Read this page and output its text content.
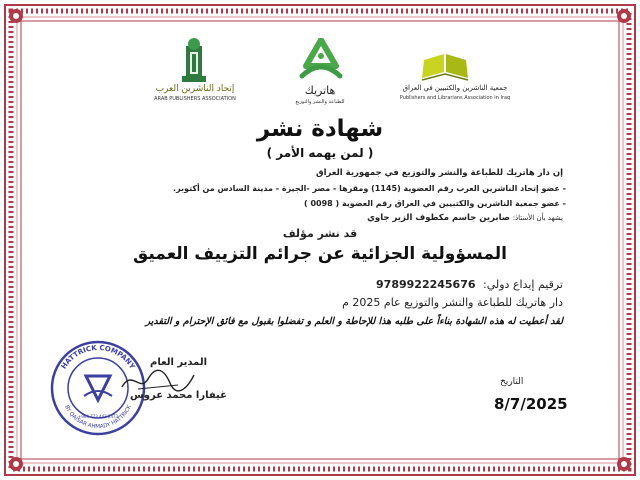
إتحاد الناشرين العرب
ARAB PUBLISHERS ASSOCIATION
هاتريك
للطباعة والنشر والتوزيع
جمعية الناشرين والكتبيين في العراق
Publishers and Librarians Association in Iraq
شهادة نشر
( لمن يهمه الأمر )
إن دار هاتريك للطباعة والنشر والتوزيع في جمهورية العراق
- عضو إتحاد الناشرين العرب رقم العضوية (1145) ومقرها - مصر -الجيزة - مدينة السادس من أكتوبر.
- عضو جمعية الناشرين والكتبيين في العراق رقم العضوية ( 0098 )
يشهد بأن الأستاذ: صابرين جاسم مكطوف الزير جاوي
قد نشر مؤلف
المسؤولية الجزائية عن جرائم التزييف العميق
ترقيم إيداع دولي: 9789922245676
دار هاتريك للطباعة والنشر والتوزيع عام 2025 م
لقد أعطيت له هذه الشهادة بناءاً على طلبه هذا للإحاطة و العلم و تفضلوا بقبول مع فائق الإحترام و التقدير
HATTRICK COMPANY
BY QAISAR AHMADY HATTRICK
+964 773 443 2473
المدير العام
غيفارا محمد عروس
التاريخ
8/7/2025
